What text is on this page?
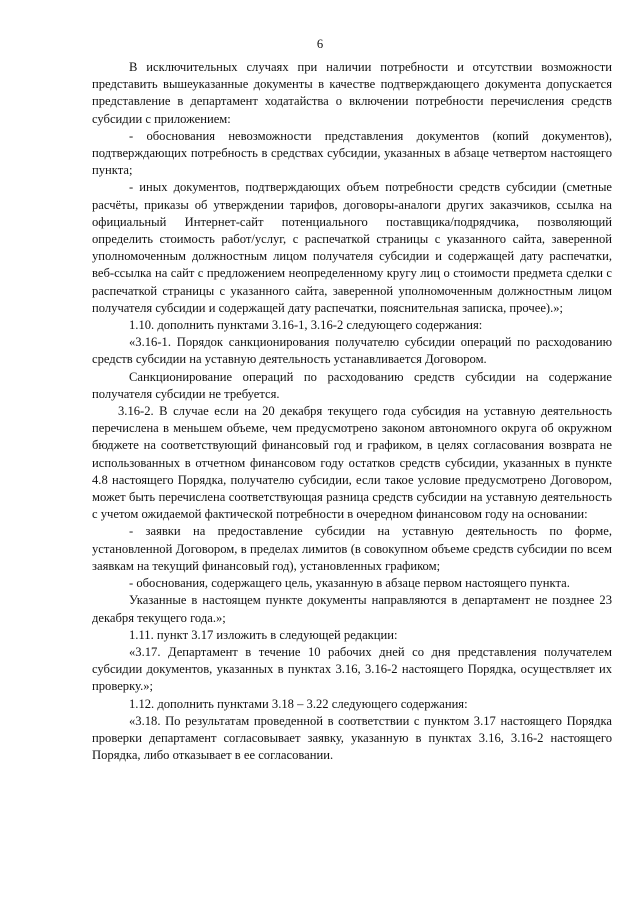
6

В исключительных случаях при наличии потребности и отсутствии возможности представить вышеуказанные документы в качестве подтверждающего документа допускается представление в департамент ходатайства о включении потребности перечисления средств субсидии с приложением:

- обоснования невозможности представления документов (копий документов), подтверждающих потребность в средствах субсидии, указанных в абзаце четвертом настоящего пункта;

- иных документов, подтверждающих объем потребности средств субсидии (сметные расчёты, приказы об утверждении тарифов, договоры-аналоги других заказчиков, ссылка на официальный Интернет-сайт потенциального поставщика/подрядчика, позволяющий определить стоимость работ/услуг, с распечаткой страницы с указанного сайта, заверенной уполномоченным должностным лицом получателя субсидии и содержащей дату распечатки, веб-ссылка на сайт с предложением неопределенному кругу лиц о стоимости предмета сделки с распечаткой страницы с указанного сайта, заверенной уполномоченным должностным лицом получателя субсидии и содержащей дату распечатки, пояснительная записка, прочее).»;

1.10. дополнить пунктами 3.16-1, 3.16-2 следующего содержания:

«3.16-1. Порядок санкционирования получателю субсидии операций по расходованию средств субсидии на уставную деятельность устанавливается Договором.

Санкционирование операций по расходованию средств субсидии на содержание получателя субсидии не требуется.

3.16-2. В случае если на 20 декабря текущего года субсидия на уставную деятельность перечислена в меньшем объеме, чем предусмотрено законом автономного округа об окружном бюджете на соответствующий финансовый год и графиком, в целях согласования возврата не использованных в отчетном финансовом году остатков средств субсидии, указанных в пункте 4.8 настоящего Порядка, получателю субсидии, если такое условие предусмотрено Договором, может быть перечислена соответствующая разница средств субсидии на уставную деятельность с учетом ожидаемой фактической потребности в очередном финансовом году на основании:

- заявки на предоставление субсидии на уставную деятельность по форме, установленной Договором, в пределах лимитов (в совокупном объеме средств субсидии по всем заявкам на текущий финансовый год), установленных графиком;

- обоснования, содержащего цель, указанную в абзаце первом настоящего пункта.

Указанные в настоящем пункте документы направляются в департамент не позднее 23 декабря текущего года.»;

1.11. пункт 3.17 изложить в следующей редакции:

«3.17. Департамент в течение 10 рабочих дней со дня представления получателем субсидии документов, указанных в пунктах 3.16, 3.16-2 настоящего Порядка, осуществляет их проверку.»;

1.12. дополнить пунктами 3.18 – 3.22 следующего содержания:

«3.18. По результатам проведенной в соответствии с пунктом 3.17 настоящего Порядка проверки департамент согласовывает заявку, указанную в пунктах 3.16, 3.16-2 настоящего Порядка, либо отказывает в ее согласовании.
